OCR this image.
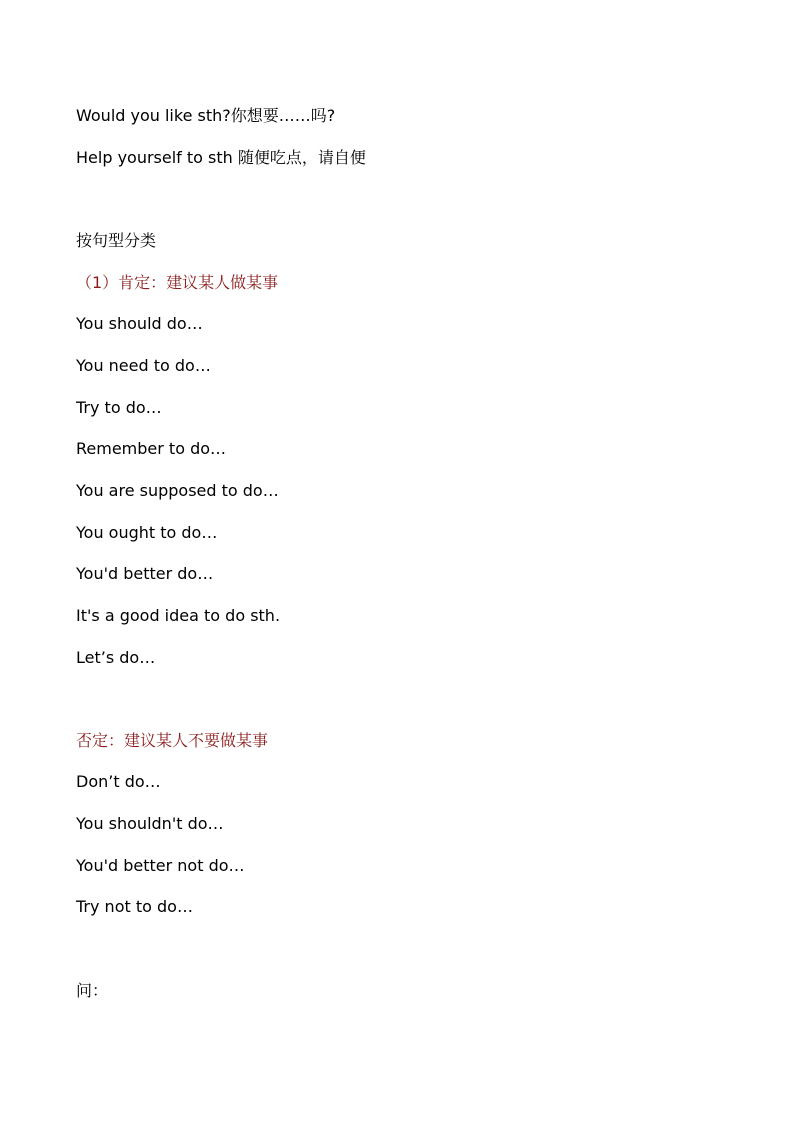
Would you like sth?你想要……吗?
Help yourself to sth 随便吃点，请自便
按句型分类
（1）肯定：建议某人做某事
You should do…
You need to do…
Try to do…
Remember to do…
You are supposed to do…
You ought to do…
You'd better do…
It's a good idea to do sth.
Let’s do…
否定：建议某人不要做某事
Don’t do…
You shouldn't do…
You'd better not do…
Try not to do…
问：
